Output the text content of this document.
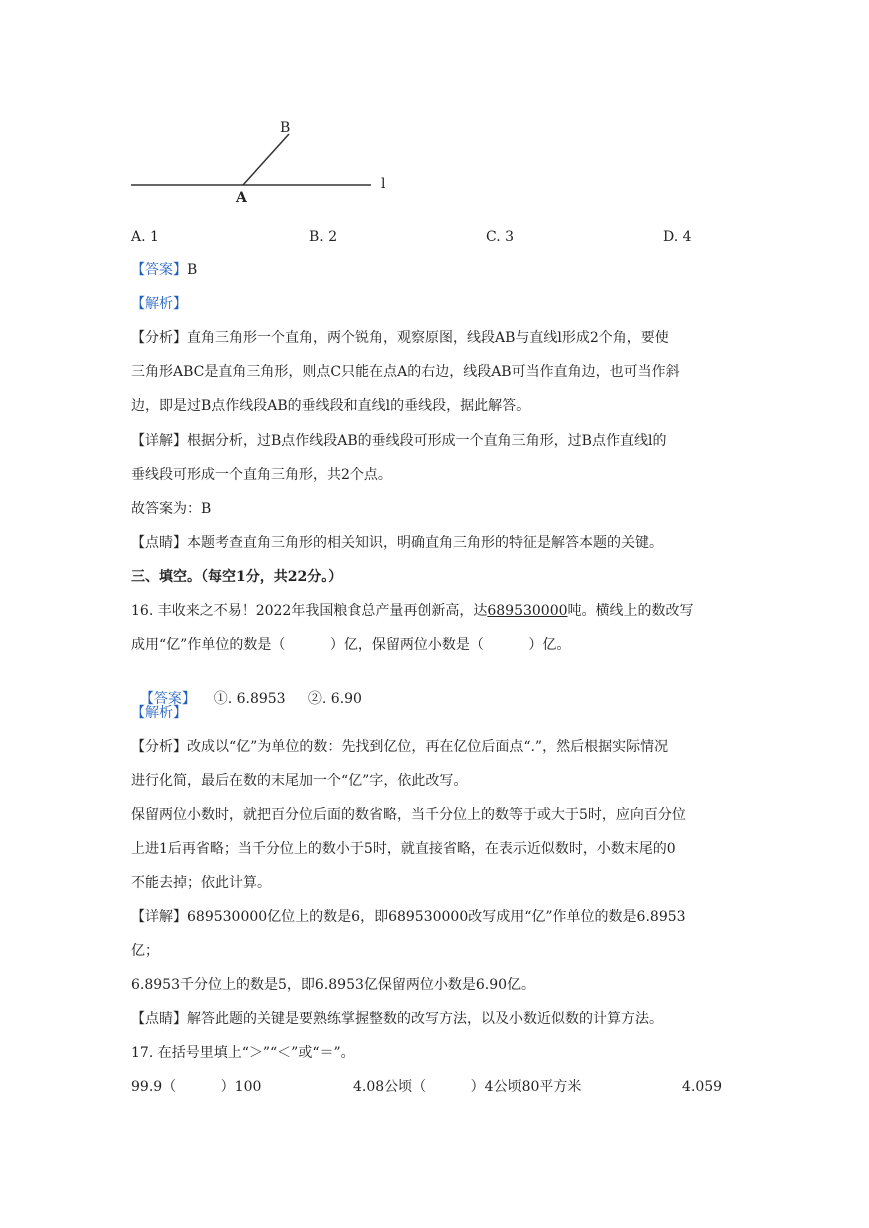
B
A
l
A. 1	B. 2	C. 3	D. 4
【答案】B
【解析】
【分析】直角三角形一个直角，两个锐角，观察原图，线段AB与直线l形成2个角，要使
三角形ABC是直角三角形，则点C只能在点A的右边，线段AB可当作直角边，也可当作斜
边，即是过B点作线段AB的垂线段和直线l的垂线段，据此解答。
【详解】根据分析，过B点作线段AB的垂线段可形成一个直角三角形，过B点作直线l的
垂线段可形成一个直角三角形，共2个点。
故答案为：B
【点睛】本题考查直角三角形的相关知识，明确直角三角形的特征是解答本题的关键。
三、填空。（每空1分，共22分。）
16. 丰收来之不易！2022年我国粮食总产量再创新高，达689530000吨。横线上的数改写
成用“亿”作单位的数是（          ）亿，保留两位小数是（          ）亿。

【答案】    ①. 6.8953     ②. 6.90

【解析】
【分析】改成以“亿”为单位的数：先找到亿位，再在亿位后面点“.”，然后根据实际情况
进行化简，最后在数的末尾加一个“亿”字，依此改写。
保留两位小数时，就把百分位后面的数省略，当千分位上的数等于或大于5时，应向百分位
上进1后再省略；当千分位上的数小于5时，就直接省略，在表示近似数时，小数末尾的0
不能去掉；依此计算。
【详解】689530000亿位上的数是6，即689530000改写成用“亿”作单位的数是6.8953
亿；
6.8953千分位上的数是5，即6.8953亿保留两位小数是6.90亿。
【点睛】解答此题的关键是要熟练掌握整数的改写方法，以及小数近似数的计算方法。
17. 在括号里填上“＞”“＜”或“＝”。
99.9（          ）100	4.08公顷（          ）4公顷80平方米	4.059
